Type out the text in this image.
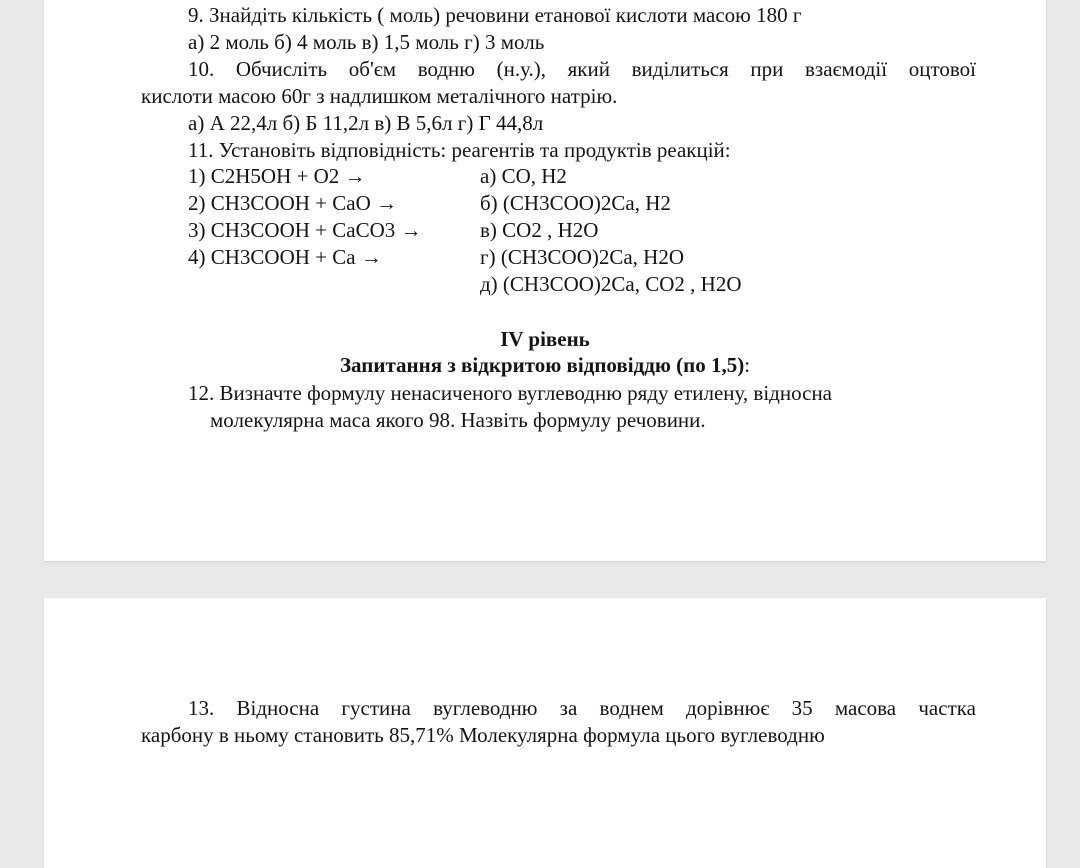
9. Знайдіть кількість ( моль) речовини етанової кислоти масою 180 г
а) 2 моль б) 4 моль в) 1,5 моль г) 3 моль
10. Обчисліть об'єм водню (н.у.), який виділиться при взаємодії оцтової
кислоти масою 60г з надлишком металічного натрію.
а) А 22,4л б) Б 11,2л в) В 5,6л г) Г 44,8л
11. Установіть відповідність: реагентів та продуктів реакцій:
1) C2H5OH + O2 →
2) CH3COOH + CaO →
3) CH3COOH + CaCO3 →
4) CH3COOH + Ca →
а) CO, H2
б) (CH3COO)2Ca, H2
в) CO2 , H2O
г) (CH3COO)2Ca, H2O
д) (CH3COO)2Ca, CO2 , H2O
IV рівень
Запитання з відкритою відповіддю (по 1,5):
12. Визначте формулу ненасиченого вуглеводню ряду етилену, відносна
молекулярна маса якого 98. Назвіть формулу речовини.
13. Відносна густина вуглеводню за воднем дорівнює 35 масова частка
карбону в ньому становить 85,71% Молекулярна формула цього вуглеводню
